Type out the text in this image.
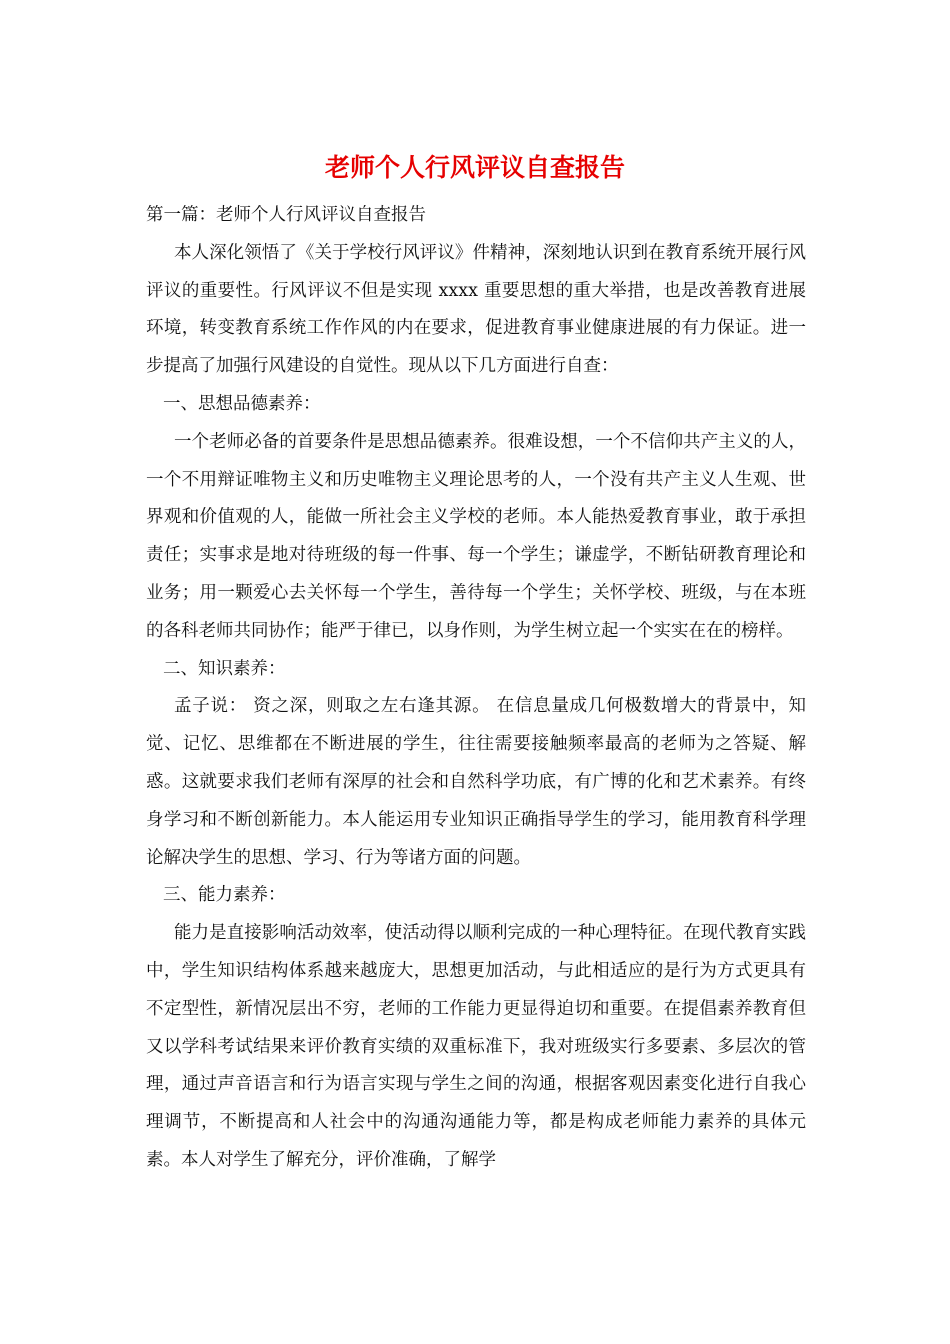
老师个人行风评议自查报告

第一篇：老师个人行风评议自查报告

本人深化领悟了《关于学校行风评议》件精神，深刻地认识到在教育系统开展行风评议的重要性。行风评议不但是实现 xxxx 重要思想的重大举措，也是改善教育进展环境，转变教育系统工作作风的内在要求，促进教育事业健康进展的有力保证。进一步提高了加强行风建设的自觉性。现从以下几方面进行自查：

一、思想品德素养：

一个老师必备的首要条件是思想品德素养。很难设想，一个不信仰共产主义的人，一个不用辩证唯物主义和历史唯物主义理论思考的人，一个没有共产主义人生观、世界观和价值观的人，能做一所社会主义学校的老师。本人能热爱教育事业，敢于承担责任；实事求是地对待班级的每一件事、每一个学生；谦虚学，不断钻研教育理论和业务；用一颗爱心去关怀每一个学生，善待每一个学生；关怀学校、班级，与在本班的各科老师共同协作；能严于律已，以身作则，为学生树立起一个实实在在的榜样。

二、知识素养：

孟子说： 资之深，则取之左右逢其源。 在信息量成几何极数增大的背景中，知觉、记忆、思维都在不断进展的学生，往往需要接触频率最高的老师为之答疑、解惑。这就要求我们老师有深厚的社会和自然科学功底，有广博的化和艺术素养。有终身学习和不断创新能力。本人能运用专业知识正确指导学生的学习，能用教育科学理论解决学生的思想、学习、行为等诸方面的问题。

三、能力素养：

能力是直接影响活动效率，使活动得以顺利完成的一种心理特征。在现代教育实践中，学生知识结构体系越来越庞大，思想更加活动，与此相适应的是行为方式更具有不定型性，新情况层出不穷，老师的工作能力更显得迫切和重要。在提倡素养教育但又以学科考试结果来评价教育实绩的双重标准下，我对班级实行多要素、多层次的管理，通过声音语言和行为语言实现与学生之间的沟通，根据客观因素变化进行自我心理调节，不断提高和人社会中的沟通沟通能力等，都是构成老师能力素养的具体元素。本人对学生了解充分，评价准确，了解学
